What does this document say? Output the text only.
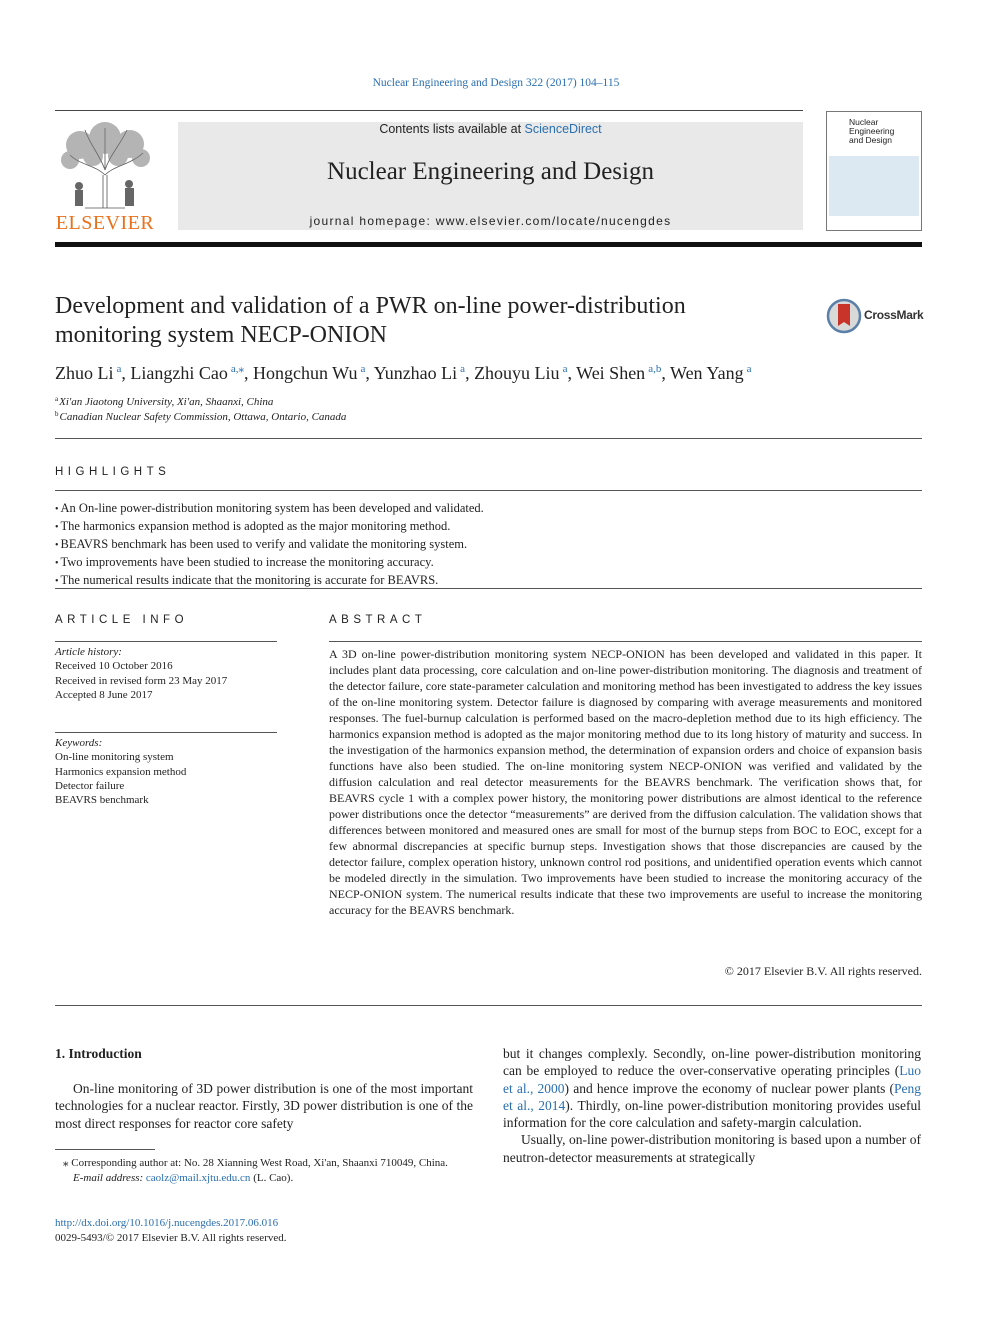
Nuclear Engineering and Design 322 (2017) 104–115
ELSEVIER
Contents lists available at ScienceDirect
Nuclear Engineering and Design
journal homepage: www.elsevier.com/locate/nucengdes
Nuclear Engineering
and Design
Development and validation of a PWR on-line power-distribution monitoring system NECP-ONION
CrossMark
Zhuo Li $^a$, Liangzhi Cao $^{a,⁎}$, Hongchun Wu $^a$, Yunzhao Li $^a$, Zhouyu Liu $^a$, Wei Shen $^{a,b}$, Wen Yang $^a$
$^a$Xi'an Jiaotong University, Xi'an, Shaanxi, China
$^b$Canadian Nuclear Safety Commission, Ottawa, Ontario, Canada
HIGHLIGHTS
• An On-line power-distribution monitoring system has been developed and validated.
• The harmonics expansion method is adopted as the major monitoring method.
• BEAVRS benchmark has been used to verify and validate the monitoring system.
• Two improvements have been studied to increase the monitoring accuracy.
• The numerical results indicate that the monitoring is accurate for BEAVRS.
ARTICLE INFO
Article history:
Received 10 October 2016
Received in revised form 23 May 2017
Accepted 8 June 2017
Keywords:
On-line monitoring system
Harmonics expansion method
Detector failure
BEAVRS benchmark
ABSTRACT

A 3D on-line power-distribution monitoring system NECP-ONION has been developed and validated in this paper. It includes plant data processing, core calculation and on-line power-distribution monitoring. The diagnosis and treatment of the detector failure, core state-parameter calculation and monitoring method has been investigated to address the key issues of the on-line monitoring system. Detector failure is diagnosed by comparing with average measurements and monitored responses. The fuel-burnup calculation is performed based on the macro-depletion method due to its high efficiency. The harmonics expansion method is adopted as the major monitoring method due to its long history of maturity and success. In the investigation of the harmonics expansion method, the determination of expansion orders and choice of expansion basis functions have also been studied. The on-line monitoring system NECP-ONION was verified and validated by the diffusion calculation and real detector measurements for the BEAVRS benchmark. The verification shows that, for BEAVRS cycle 1 with a complex power history, the monitoring power distributions are almost identical to the reference power distributions once the detector “measurements” are derived from the diffusion calculation. The validation shows that differences between monitored and measured ones are small for most of the burnup steps from BOC to EOC, except for a few abnormal discrepancies at specific burnup steps. Investigation shows that those discrepancies are caused by the detector failure, complex operation history, unknown control rod positions, and unidentified operation events which cannot be modeled directly in the simulation. Two improvements have been studied to increase the monitoring accuracy of the NECP-ONION system. The numerical results indicate that these two improvements are useful to increase the monitoring accuracy for the BEAVRS benchmark.

© 2017 Elsevier B.V. All rights reserved.
1. Introduction

On-line monitoring of 3D power distribution is one of the most important technologies for a nuclear reactor. Firstly, 3D power distribution is one of the most direct responses for reactor core safety

but it changes complexly. Secondly, on-line power-distribution monitoring can be employed to reduce the over-conservative operating principles (Luo et al., 2000) and hence improve the economy of nuclear power plants (Peng et al., 2014). Thirdly, on-line power-distribution monitoring provides useful information for the core calculation and safety-margin calculation.

Usually, on-line power-distribution monitoring is based upon a number of neutron-detector measurements at strategically

⁎ Corresponding author at: No. 28 Xianning West Road, Xi'an, Shaanxi 710049, China.
E-mail address: caolz@mail.xjtu.edu.cn (L. Cao).
http://dx.doi.org/10.1016/j.nucengdes.2017.06.016
0029-5493/© 2017 Elsevier B.V. All rights reserved.
